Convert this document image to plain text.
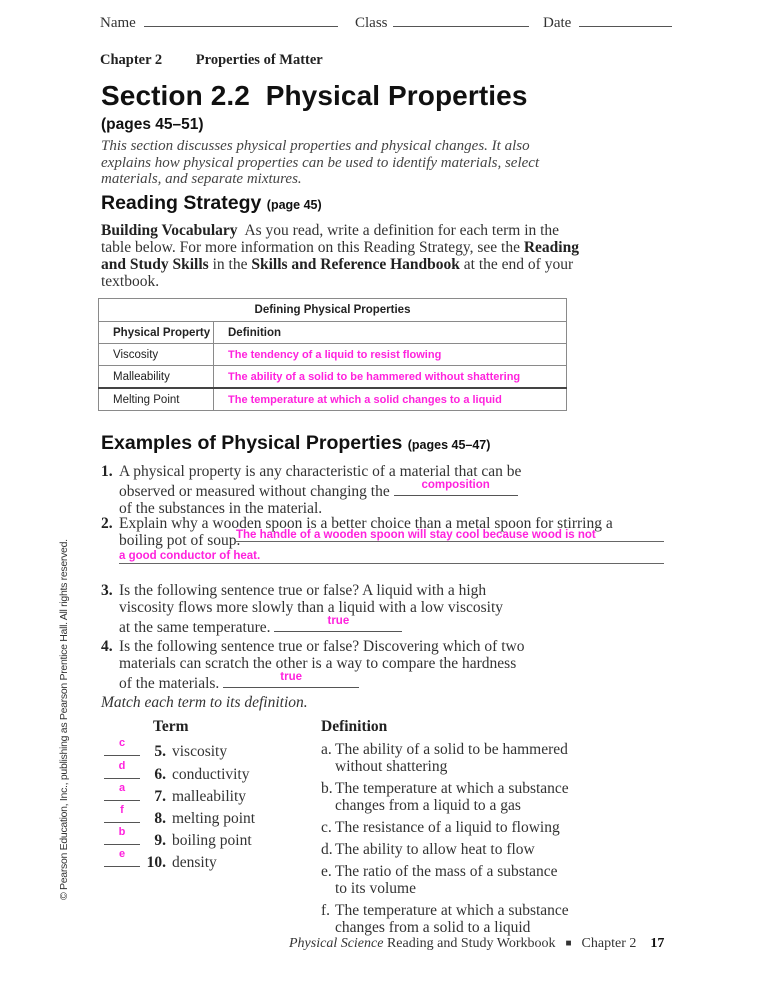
Name	Class	Date
Chapter 2 Properties of Matter
Section 2.2  Physical Properties
(pages 45–51)
This section discusses physical properties and physical changes. It also explains how physical properties can be used to identify materials, select materials, and separate mixtures.
Reading Strategy (page 45)
Building Vocabulary  As you read, write a definition for each term in the table below. For more information on this Reading Strategy, see the Reading and Study Skills in the Skills and Reference Handbook at the end of your textbook.
Defining Physical Properties	
Physical Property	Definition
Viscosity	The tendency of a liquid to resist flowing
Malleability	The ability of a solid to be hammered without shattering
Melting Point	The temperature at which a solid changes to a liquid
Examples of Physical Properties (pages 45–47)
1. A physical property is any characteristic of a material that can be
observed or measured without changing the	composition
of the substances in the material.
2. Explain why a wooden spoon is a better choice than a metal spoon for stirring a
boiling pot of soup.
The handle of a wooden spoon will stay cool because wood is not
a good conductor of heat.
3. Is the following sentence true or false? A liquid with a high
viscosity flows more slowly than a liquid with a low viscosity
at the same temperature.	true
4. Is the following sentence true or false? Discovering which of two
materials can scratch the other is a way to compare the hardness
of the materials.	true
Match each term to its definition.
Term	Definition
c	5. viscosity
d	6. conductivity
a	7. malleability
f	8. melting point
b	9. boiling point
e	10. density
a. The ability of a solid to be hammered
without shattering
b. The temperature at which a substance
changes from a liquid to a gas
c. The resistance of a liquid to flowing
d. The ability to allow heat to flow
e. The ratio of the mass of a substance
to its volume
f. The temperature at which a substance
changes from a solid to a liquid
Physical Science Reading and Study Workbook ■ Chapter 2 17
© Pearson Education, Inc., publishing as Pearson Prentice Hall. All rights reserved.
